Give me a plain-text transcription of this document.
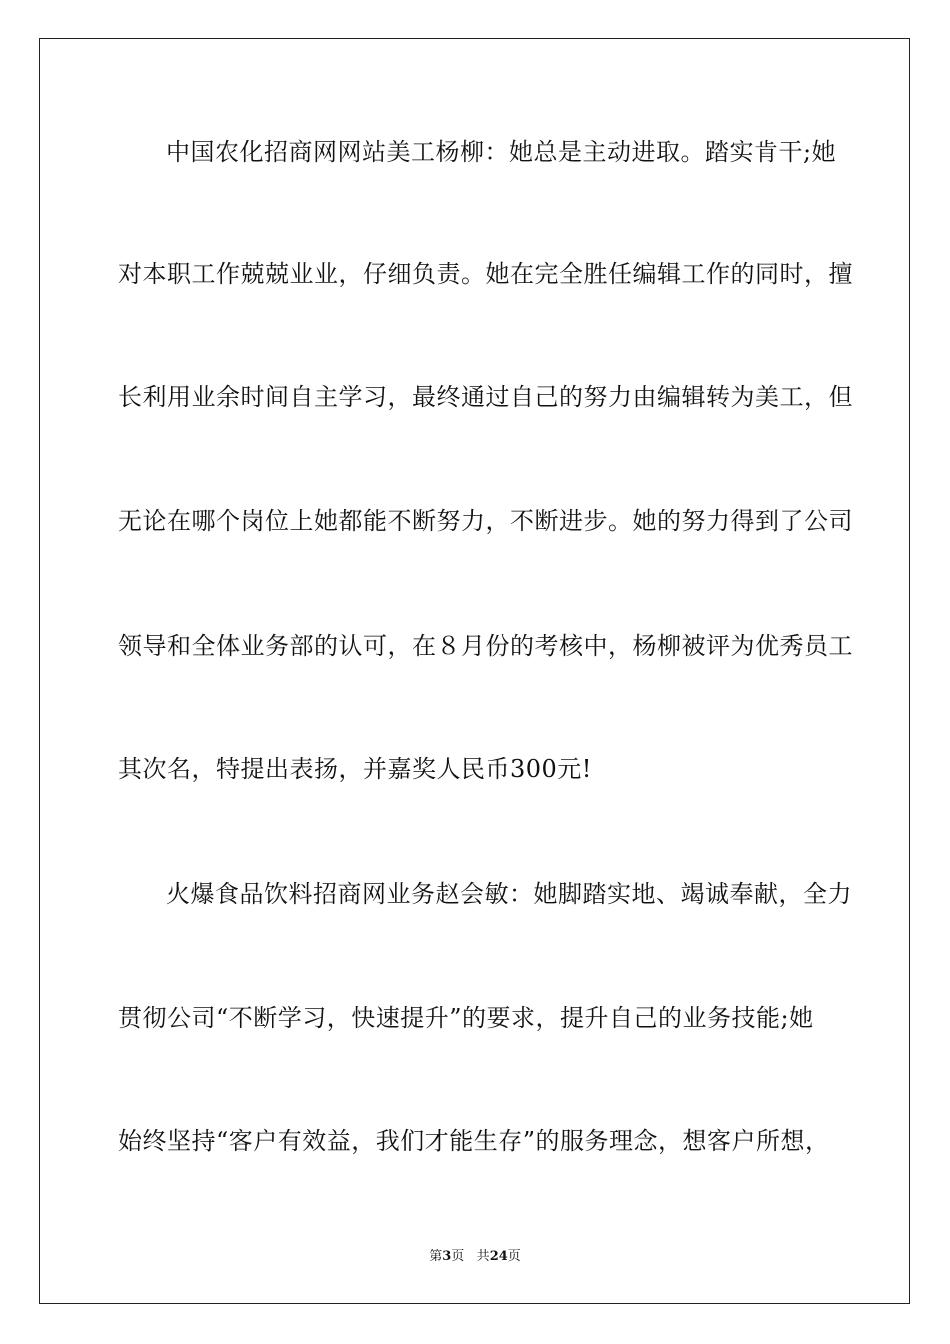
中国农化招商网网站美工杨柳：她总是主动进取。踏实肯干;她
对本职工作兢兢业业，仔细负责。她在完全胜任编辑工作的同时，擅
长利用业余时间自主学习，最终通过自己的努力由编辑转为美工，但
无论在哪个岗位上她都能不断努力，不断进步。她的努力得到了公司
领导和全体业务部的认可，在８月份的考核中，杨柳被评为优秀员工
其次名，特提出表扬，并嘉奖人民币300元!
火爆食品饮料招商网业务赵会敏：她脚踏实地、竭诚奉献，全力
贯彻公司“不断学习，快速提升”的要求，提升自己的业务技能;她
始终坚持“客户有效益，我们才能生存”的服务理念，想客户所想，
第3页 共24页
